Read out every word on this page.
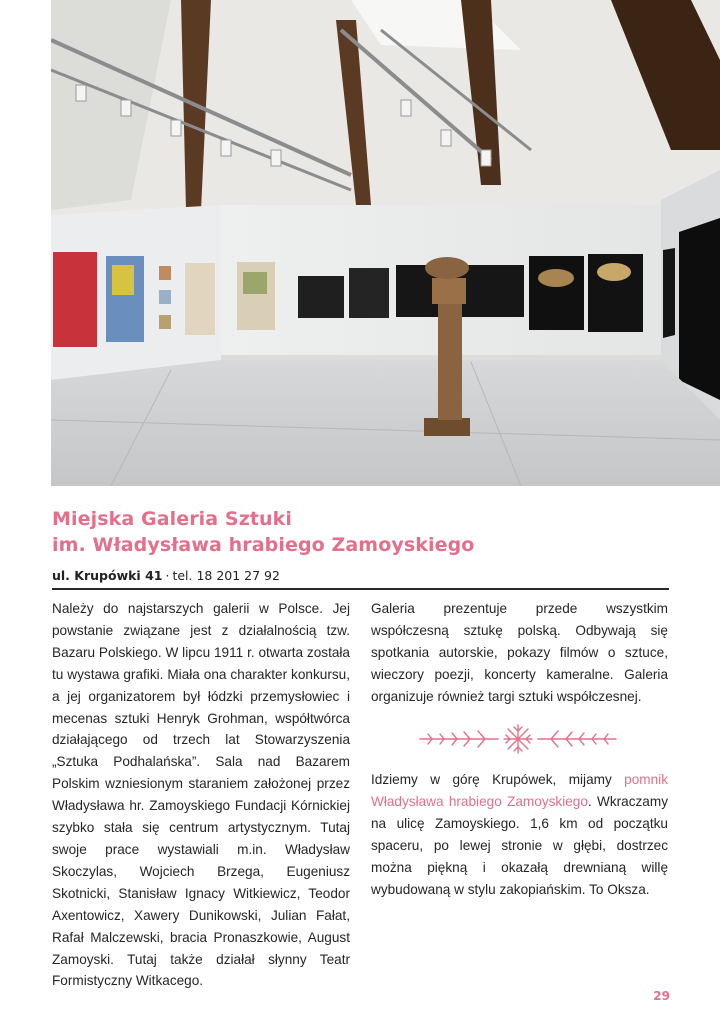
Miejska Galeria Sztuki
im. Władysława hrabiego Zamoyskiego
ul. Krupówki 41 · tel. 18 201 27 92

Należy do najstarszych galerii w Polsce. Jej powstanie związane jest z działalnością tzw. Bazaru Polskiego. W lipcu 1911 r. otwarta została tu wystawa grafiki. Miała ona charakter konkursu, a jej organizatorem był łódzki przemysłowiec i mecenas sztuki Henryk Grohman, współtwórca działającego od trzech lat Stowarzyszenia „Sztuka Podhalańska”. Sala nad Bazarem Polskim wzniesionym staraniem założonej przez Władysława hr. Zamoyskiego Fundacji Kórnickiej szybko stała się centrum artystycznym. Tutaj swoje prace wystawiali m.in. Władysław Skoczylas, Wojciech Brzega, Eugeniusz Skotnicki, Stanisław Ignacy Witkiewicz, Teodor Axentowicz, Xawery Dunikowski, Julian Fałat, Rafał Malczewski, bracia Pronaszkowie, August Zamoyski. Tutaj także działał słynny Teatr Formistyczny Witkacego.

Galeria prezentuje przede wszystkim współczesną sztukę polską. Odbywają się spotkania autorskie, pokazy filmów o sztuce, wieczory poezji, koncerty kameralne. Galeria organizuje również targi sztuki współczesnej.

Idziemy w górę Krupówek, mijamy pomnik Władysława hrabiego Zamoyskiego. Wkraczamy na ulicę Zamoyskiego. 1,6 km od początku spaceru, po lewej stronie w głębi, dostrzec można piękną i okazałą drewnianą willę wybudowaną w stylu zakopiańskim. To Oksza.

29
